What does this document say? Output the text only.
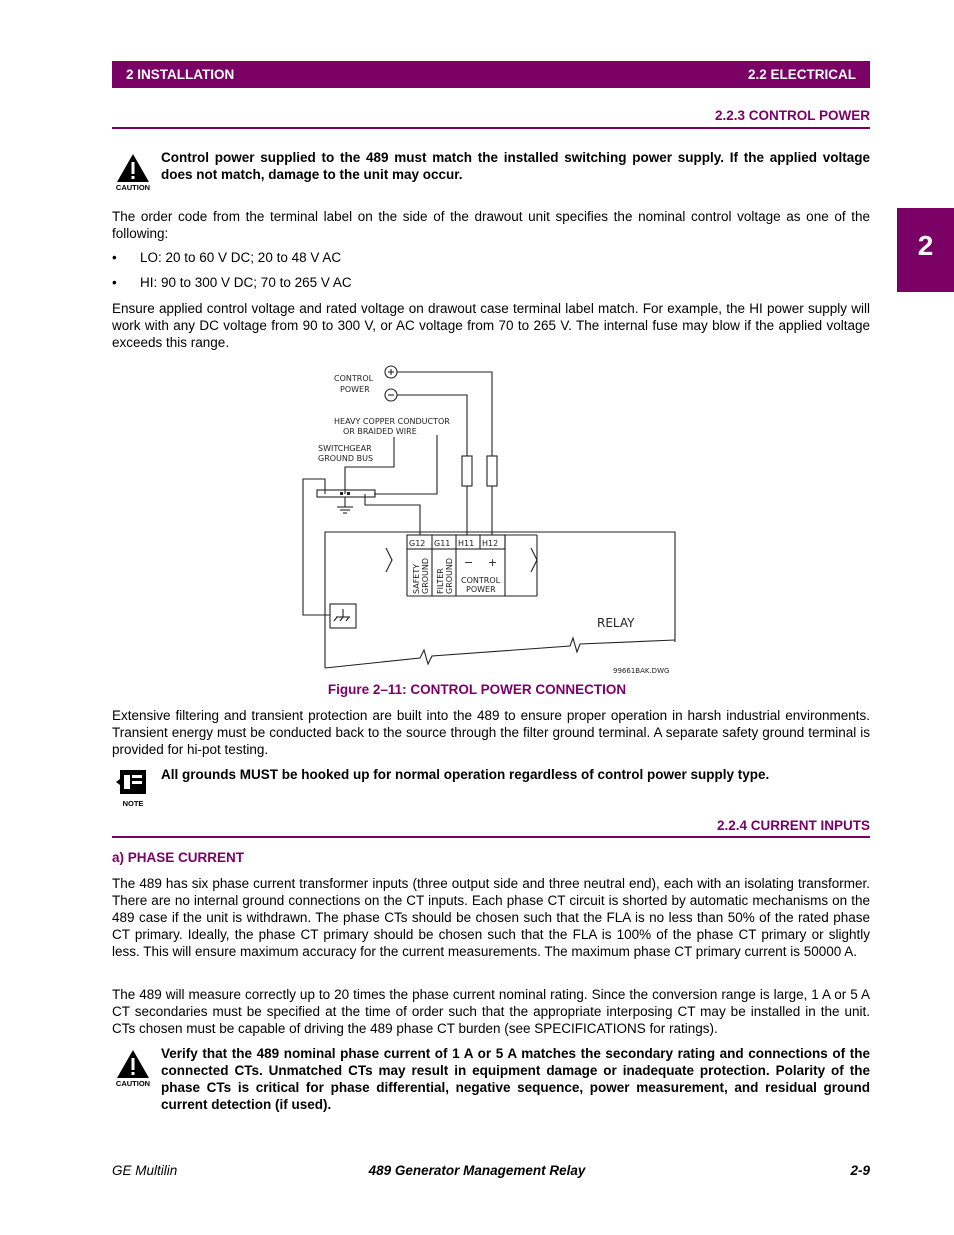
2 INSTALLATION	2.2 ELECTRICAL
2
2.2.3 CONTROL POWER
CAUTION
Control power supplied to the 489 must match the installed switching power supply. If the applied voltage does not match, damage to the unit may occur.
The order code from the terminal label on the side of the drawout unit specifies the nominal control voltage as one of the following:
• LO: 20 to 60 V DC; 20 to 48 V AC
• HI: 90 to 300 V DC; 70 to 265 V AC
Ensure applied control voltage and rated voltage on drawout case terminal label match. For example, the HI power supply will work with any DC voltage from 90 to 300 V, or AC voltage from 70 to 265 V. The internal fuse may blow if the applied voltage exceeds this range.
CONTROL
POWER
HEAVY COPPER CONDUCTOR
OR BRAIDED WIRE
SWITCHGEAR
GROUND BUS
G12 G11 H11 H12
SAFETY GROUND FILTER GROUND − +
CONTROL
POWER
RELAY
99661BAK.DWG
Figure 2–11: CONTROL POWER CONNECTION
Extensive filtering and transient protection are built into the 489 to ensure proper operation in harsh industrial environments. Transient energy must be conducted back to the source through the filter ground terminal. A separate safety ground terminal is provided for hi-pot testing.
NOTE
All grounds MUST be hooked up for normal operation regardless of control power supply type.
2.2.4 CURRENT INPUTS
a) PHASE CURRENT
The 489 has six phase current transformer inputs (three output side and three neutral end), each with an isolating transformer. There are no internal ground connections on the CT inputs. Each phase CT circuit is shorted by automatic mechanisms on the 489 case if the unit is withdrawn. The phase CTs should be chosen such that the FLA is no less than 50% of the rated phase CT primary. Ideally, the phase CT primary should be chosen such that the FLA is 100% of the phase CT primary or slightly less. This will ensure maximum accuracy for the current measurements. The maximum phase CT primary current is 50000 A.
The 489 will measure correctly up to 20 times the phase current nominal rating. Since the conversion range is large, 1 A or 5 A CT secondaries must be specified at the time of order such that the appropriate interposing CT may be installed in the unit. CTs chosen must be capable of driving the 489 phase CT burden (see SPECIFICATIONS for ratings).
CAUTION
Verify that the 489 nominal phase current of 1 A or 5 A matches the secondary rating and connections of the connected CTs. Unmatched CTs may result in equipment damage or inadequate protection. Polarity of the phase CTs is critical for phase differential, negative sequence, power measurement, and residual ground current detection (if used).
GE Multilin	489 Generator Management Relay	2-9
